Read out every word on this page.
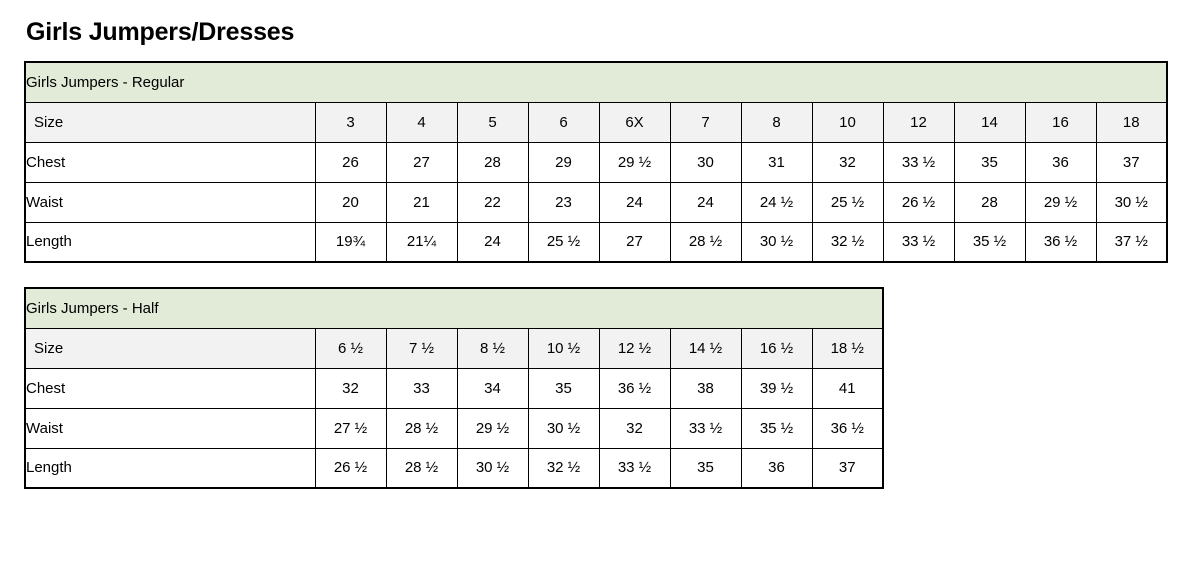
Girls Jumpers/Dresses
Girls Jumpers - Regular												
Size	3	4	5	6	6X	7	8	10	12	14	16	18
Chest	26	27	28	29	29 ½	30	31	32	33 ½	35	36	37
Waist	20	21	22	23	24	24	24 ½	25 ½	26 ½	28	29 ½	30 ½
Length	19¾	21¼	24	25 ½	27	28 ½	30 ½	32 ½	33 ½	35 ½	36 ½	37 ½
Girls Jumpers - Half								
Size	6 ½	7 ½	8 ½	10 ½	12 ½	14 ½	16 ½	18 ½
Chest	32	33	34	35	36 ½	38	39 ½	41
Waist	27 ½	28 ½	29 ½	30 ½	32	33 ½	35 ½	36 ½
Length	26 ½	28 ½	30 ½	32 ½	33 ½	35	36	37
